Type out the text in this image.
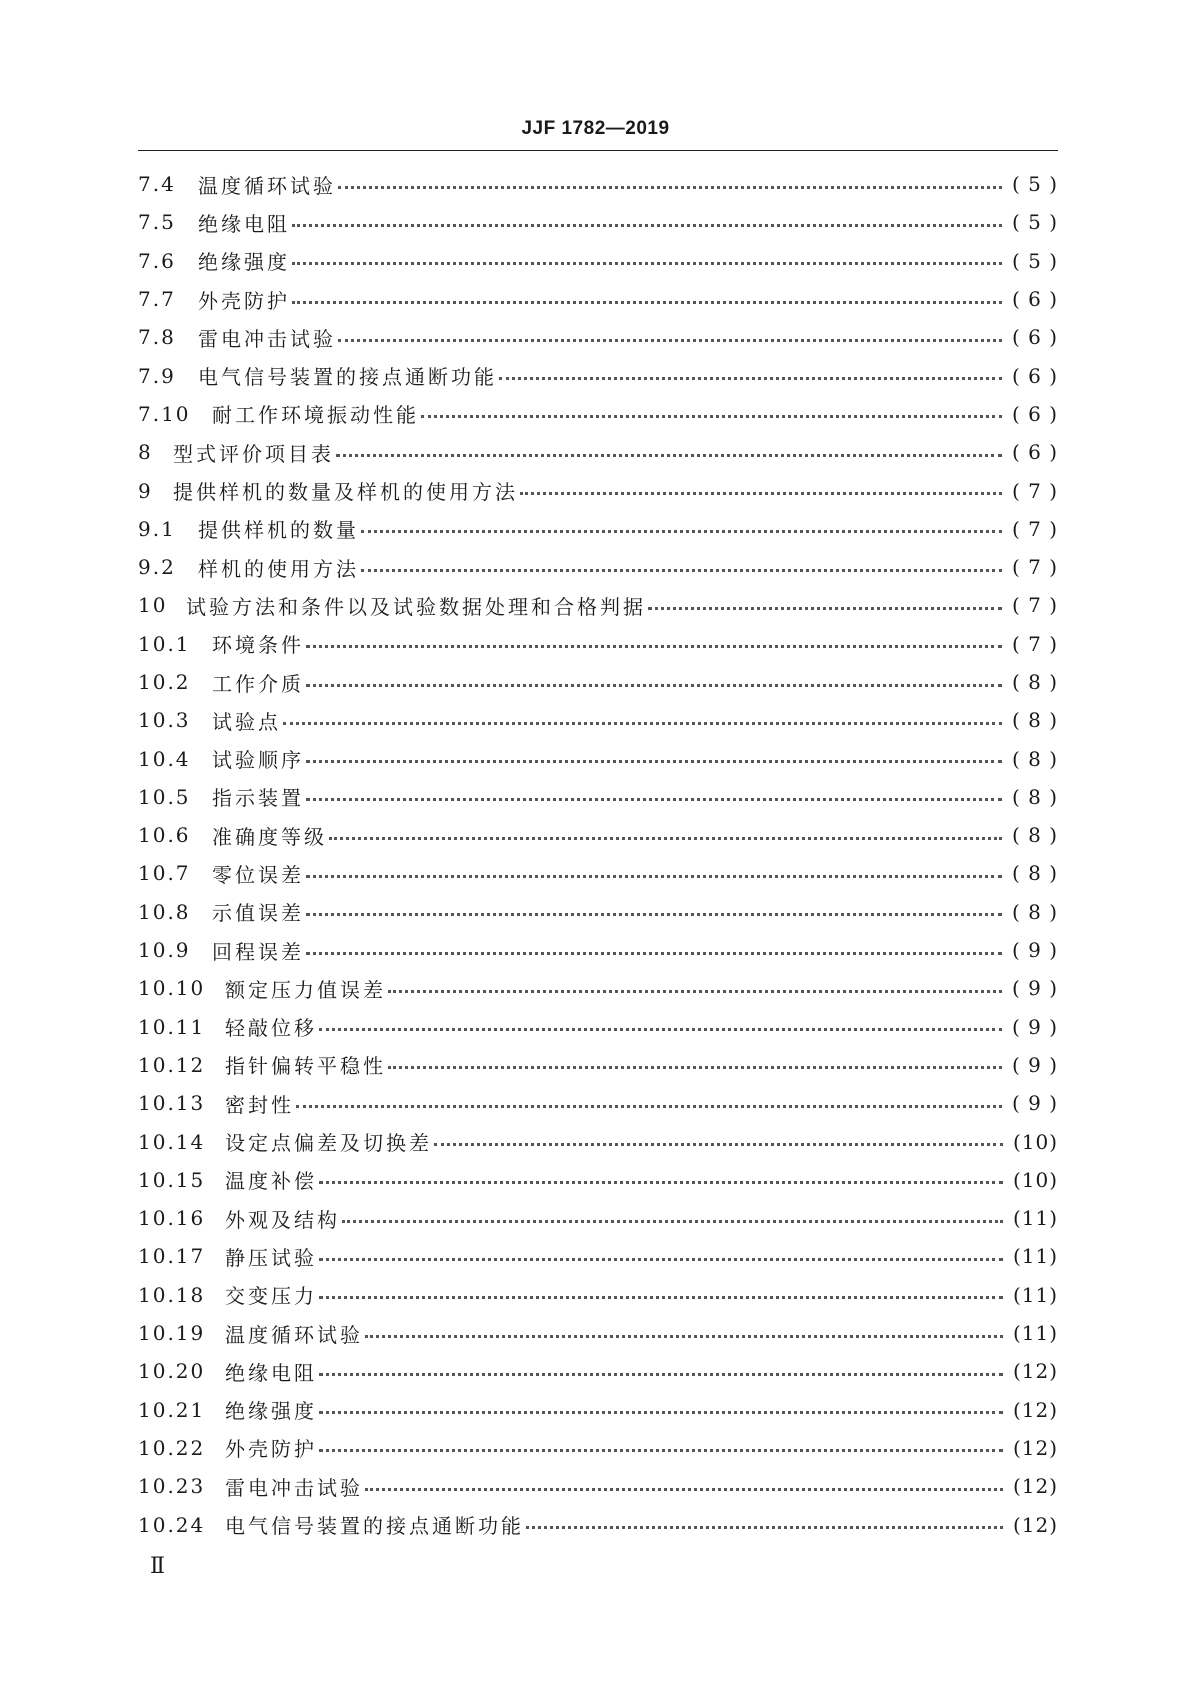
JJF 1782—2019
7.4	温度循环试验	( 5 )
7.5	绝缘电阻	( 5 )
7.6	绝缘强度	( 5 )
7.7	外壳防护	( 6 )
7.8	雷电冲击试验	( 6 )
7.9	电气信号装置的接点通断功能	( 6 )
7.10	耐工作环境振动性能	( 6 )
8	型式评价项目表	( 6 )
9	提供样机的数量及样机的使用方法	( 7 )
9.1	提供样机的数量	( 7 )
9.2	样机的使用方法	( 7 )
10 试验方法和条件以及试验数据处理和合格判据	( 7 )
10.1	环境条件	( 7 )
10.2	工作介质	( 8 )
10.3	试验点	( 8 )
10.4	试验顺序	( 8 )
10.5	指示装置	( 8 )
10.6	准确度等级	( 8 )
10.7	零位误差	( 8 )
10.8	示值误差	( 8 )
10.9	回程误差	( 9 )
10.10 额定压力值误差	( 9 )
10.11 轻敲位移	( 9 )
10.12 指针偏转平稳性	( 9 )
10.13 密封性	( 9 )
10.14 设定点偏差及切换差	(10)
10.15 温度补偿	(10)
10.16 外观及结构	(11)
10.17 静压试验	(11)
10.18 交变压力	(11)
10.19 温度循环试验	(11)
10.20 绝缘电阻	(12)
10.21 绝缘强度	(12)
10.22 外壳防护	(12)
10.23 雷电冲击试验	(12)
10.24 电气信号装置的接点通断功能	(12)
Ⅱ
